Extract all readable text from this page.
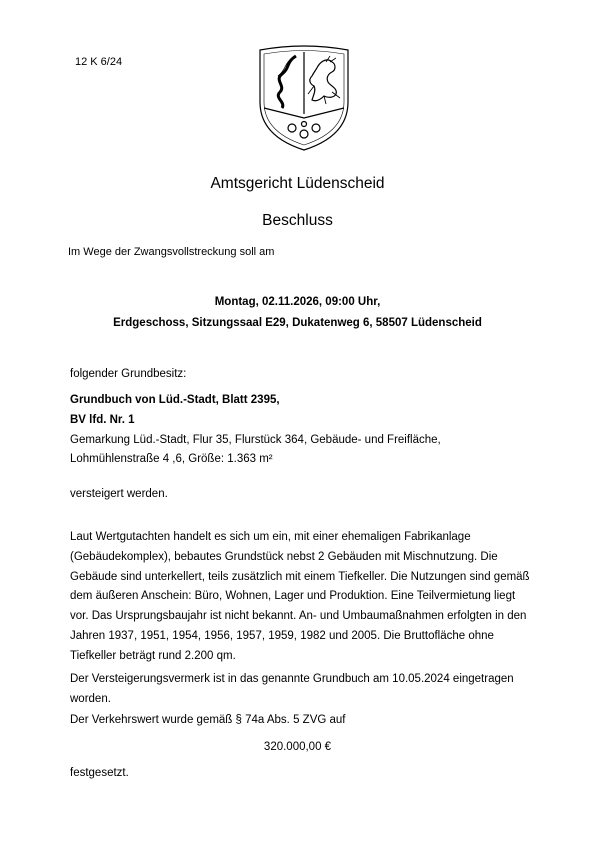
12 K 6/24
Amtsgericht Lüdenscheid
Beschluss
Im Wege der Zwangsvollstreckung soll am
Montag, 02.11.2026, 09:00 Uhr,
Erdgeschoss, Sitzungssaal E29, Dukatenweg 6, 58507 Lüdenscheid
folgender Grundbesitz:
Grundbuch von Lüd.-Stadt, Blatt 2395,
BV lfd. Nr. 1
Gemarkung Lüd.-Stadt, Flur 35, Flurstück 364, Gebäude- und Freifläche,
Lohmühlenstraße 4 ,6, Größe: 1.363 m²
versteigert werden.

Laut Wertgutachten handelt es sich um ein, mit einer ehemaligen Fabrikanlage (Gebäudekomplex), bebautes Grundstück nebst 2 Gebäuden mit Mischnutzung. Die Gebäude sind unterkellert, teils zusätzlich mit einem Tiefkeller. Die Nutzungen sind gemäß dem äußeren Anschein: Büro, Wohnen, Lager und Produktion. Eine Teilvermietung liegt vor. Das Ursprungsbaujahr ist nicht bekannt. An- und Umbaumaßnahmen erfolgten in den Jahren 1937, 1951, 1954, 1956, 1957, 1959, 1982 und 2005. Die Bruttofläche ohne Tiefkeller beträgt rund 2.200 qm.

Der Versteigerungsvermerk ist in das genannte Grundbuch am 10.05.2024 eingetragen worden.

Der Verkehrswert wurde gemäß § 74a Abs. 5 ZVG auf

320.000,00 €
festgesetzt.
